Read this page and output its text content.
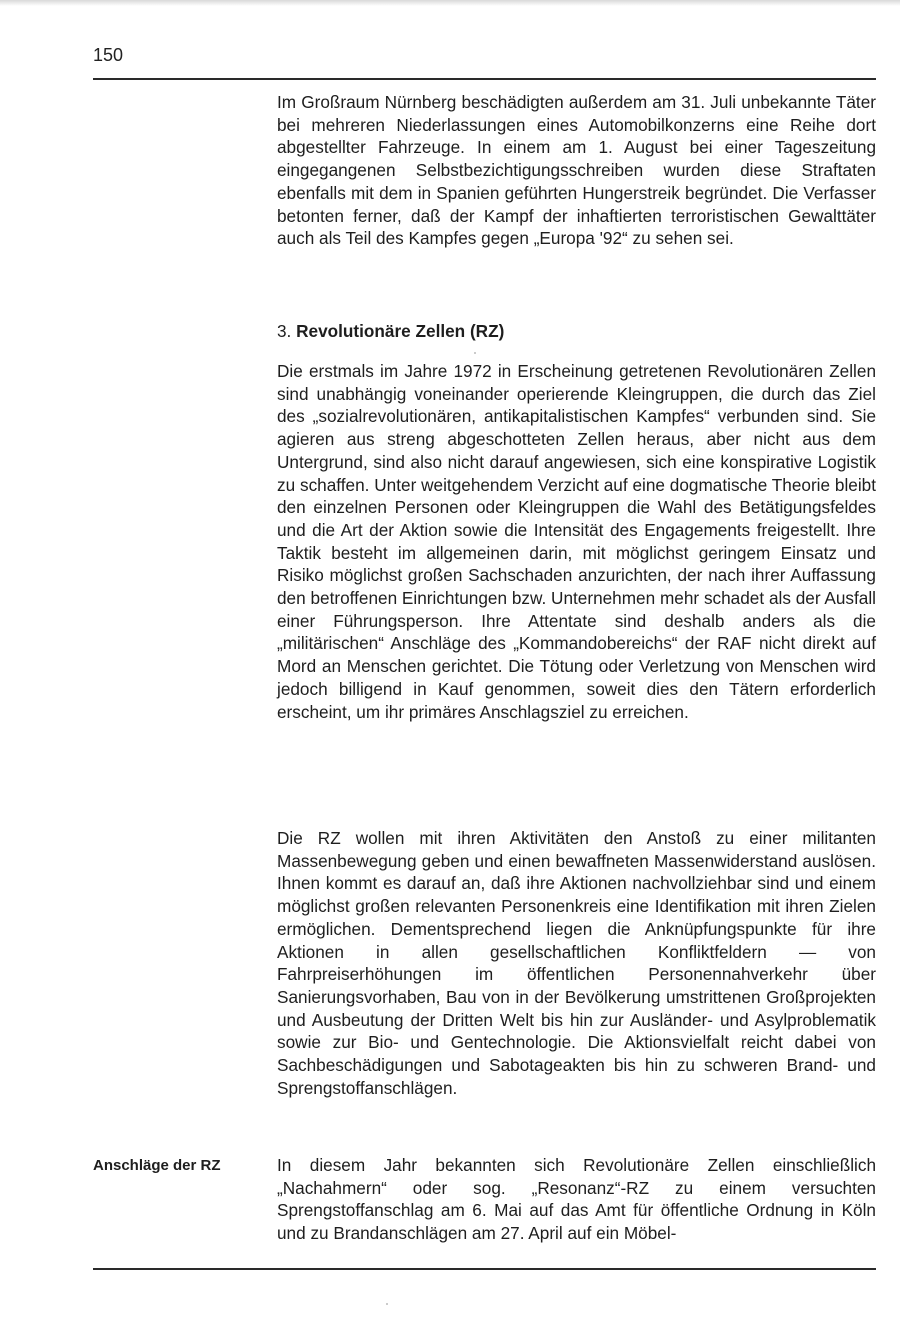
150

Im Großraum Nürnberg beschädigten außerdem am 31. Juli unbekannte Täter bei mehreren Niederlassungen eines Automobilkonzerns eine Reihe dort abgestellter Fahrzeuge. In einem am 1. August bei einer Tageszeitung eingegangenen Selbstbezichtigungsschreiben wurden diese Straftaten ebenfalls mit dem in Spanien geführten Hungerstreik begründet. Die Verfasser betonten ferner, daß der Kampf der inhaftierten terroristischen Gewalttäter auch als Teil des Kampfes gegen „Europa '92“ zu sehen sei.

3. Revolutionäre Zellen (RZ)

Die erstmals im Jahre 1972 in Erscheinung getretenen Revolutionären Zellen sind unabhängig voneinander operierende Kleingruppen, die durch das Ziel des „sozialrevolutionären, antikapitalistischen Kampfes“ verbunden sind. Sie agieren aus streng abgeschotteten Zellen heraus, aber nicht aus dem Untergrund, sind also nicht darauf angewiesen, sich eine konspirative Logistik zu schaffen. Unter weitgehendem Verzicht auf eine dogmatische Theorie bleibt den einzelnen Personen oder Kleingruppen die Wahl des Betätigungsfeldes und die Art der Aktion sowie die Intensität des Engagements freigestellt. Ihre Taktik besteht im allgemeinen darin, mit möglichst geringem Einsatz und Risiko möglichst großen Sachschaden anzurichten, der nach ihrer Auffassung den betroffenen Einrichtungen bzw. Unternehmen mehr schadet als der Ausfall einer Führungsperson. Ihre Attentate sind deshalb anders als die „militärischen“ Anschläge des „Kommandobereichs“ der RAF nicht direkt auf Mord an Menschen gerichtet. Die Tötung oder Verletzung von Menschen wird jedoch billigend in Kauf genommen, soweit dies den Tätern erforderlich erscheint, um ihr primäres Anschlagsziel zu erreichen.

Die RZ wollen mit ihren Aktivitäten den Anstoß zu einer militanten Massenbewegung geben und einen bewaffneten Massenwiderstand auslösen. Ihnen kommt es darauf an, daß ihre Aktionen nachvollziehbar sind und einem möglichst großen relevanten Personenkreis eine Identifikation mit ihren Zielen ermöglichen. Dementsprechend liegen die Anknüpfungspunkte für ihre Aktionen in allen gesellschaftlichen Konfliktfeldern — von Fahrpreiserhöhungen im öffentlichen Personennahverkehr über Sanierungsvorhaben, Bau von in der Bevölkerung umstrittenen Großprojekten und Ausbeutung der Dritten Welt bis hin zur Ausländer- und Asylproblematik sowie zur Bio- und Gentechnologie. Die Aktionsvielfalt reicht dabei von Sachbeschädigungen und Sabotageakten bis hin zu schweren Brand- und Sprengstoffanschlägen.

Anschläge der RZ	In diesem Jahr bekannten sich Revolutionäre Zellen einschließlich „Nachahmern“ oder sog. „Resonanz“-RZ zu einem versuchten Sprengstoffanschlag am 6. Mai auf das Amt für öffentliche Ordnung in Köln und zu Brandanschlägen am 27. April auf ein Möbel-
